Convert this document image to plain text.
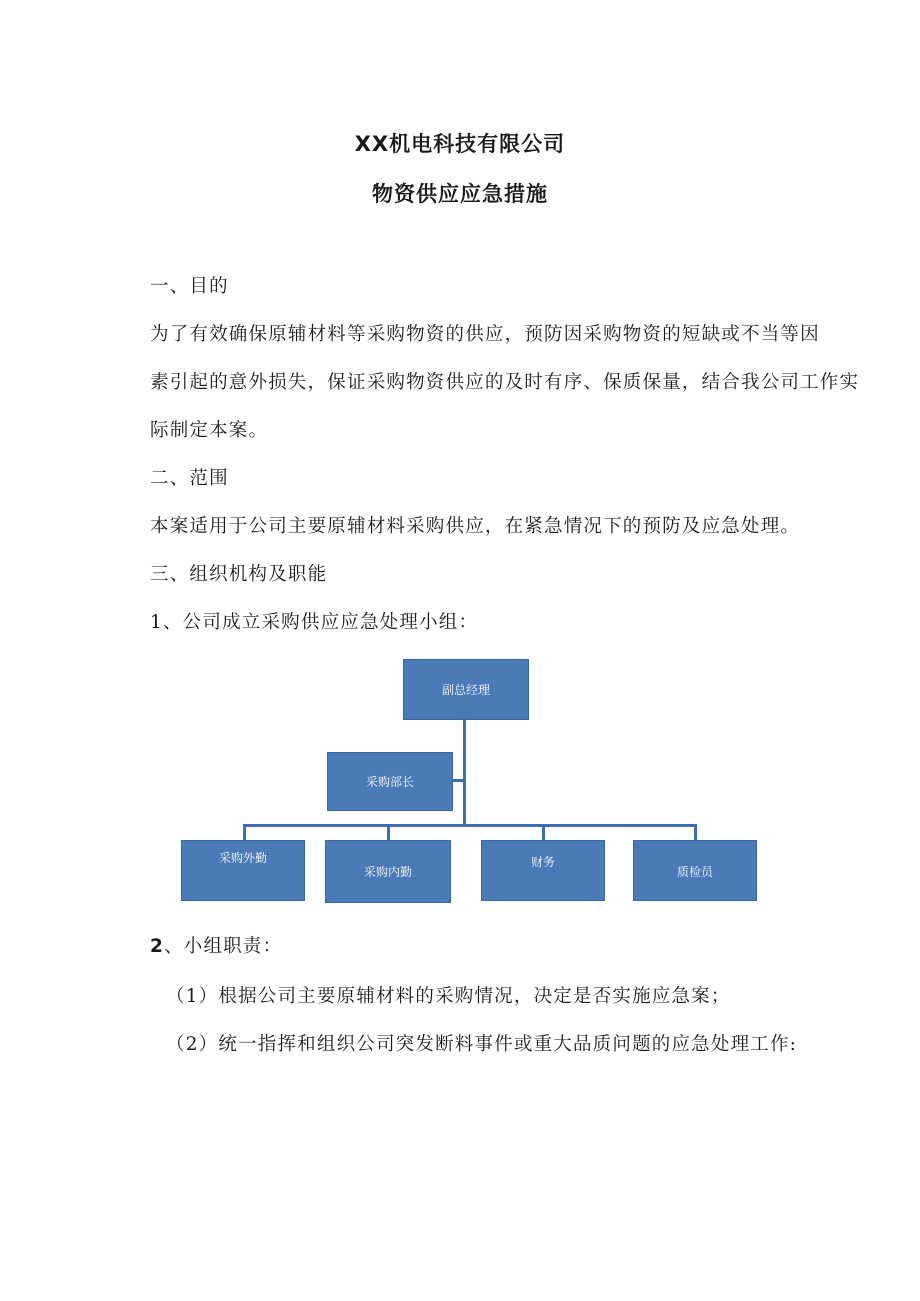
XX机电科技有限公司
物资供应应急措施
一、目的
为了有效确保原辅材料等采购物资的供应，预防因采购物资的短缺或不当等因
素引起的意外损失，保证采购物资供应的及时有序、保质保量，结合我公司工作实
际制定本案。
二、范围
本案适用于公司主要原辅材料采购供应，在紧急情况下的预防及应急处理。
三、组织机构及职能
1、公司成立采购供应应急处理小组：
副总经理
采购部长
采购外勤
采购内勤
财务
质检员
2、小组职责：
（1）根据公司主要原辅材料的采购情况，决定是否实施应急案；
（2）统一指挥和组织公司突发断料事件或重大品质问题的应急处理工作:
